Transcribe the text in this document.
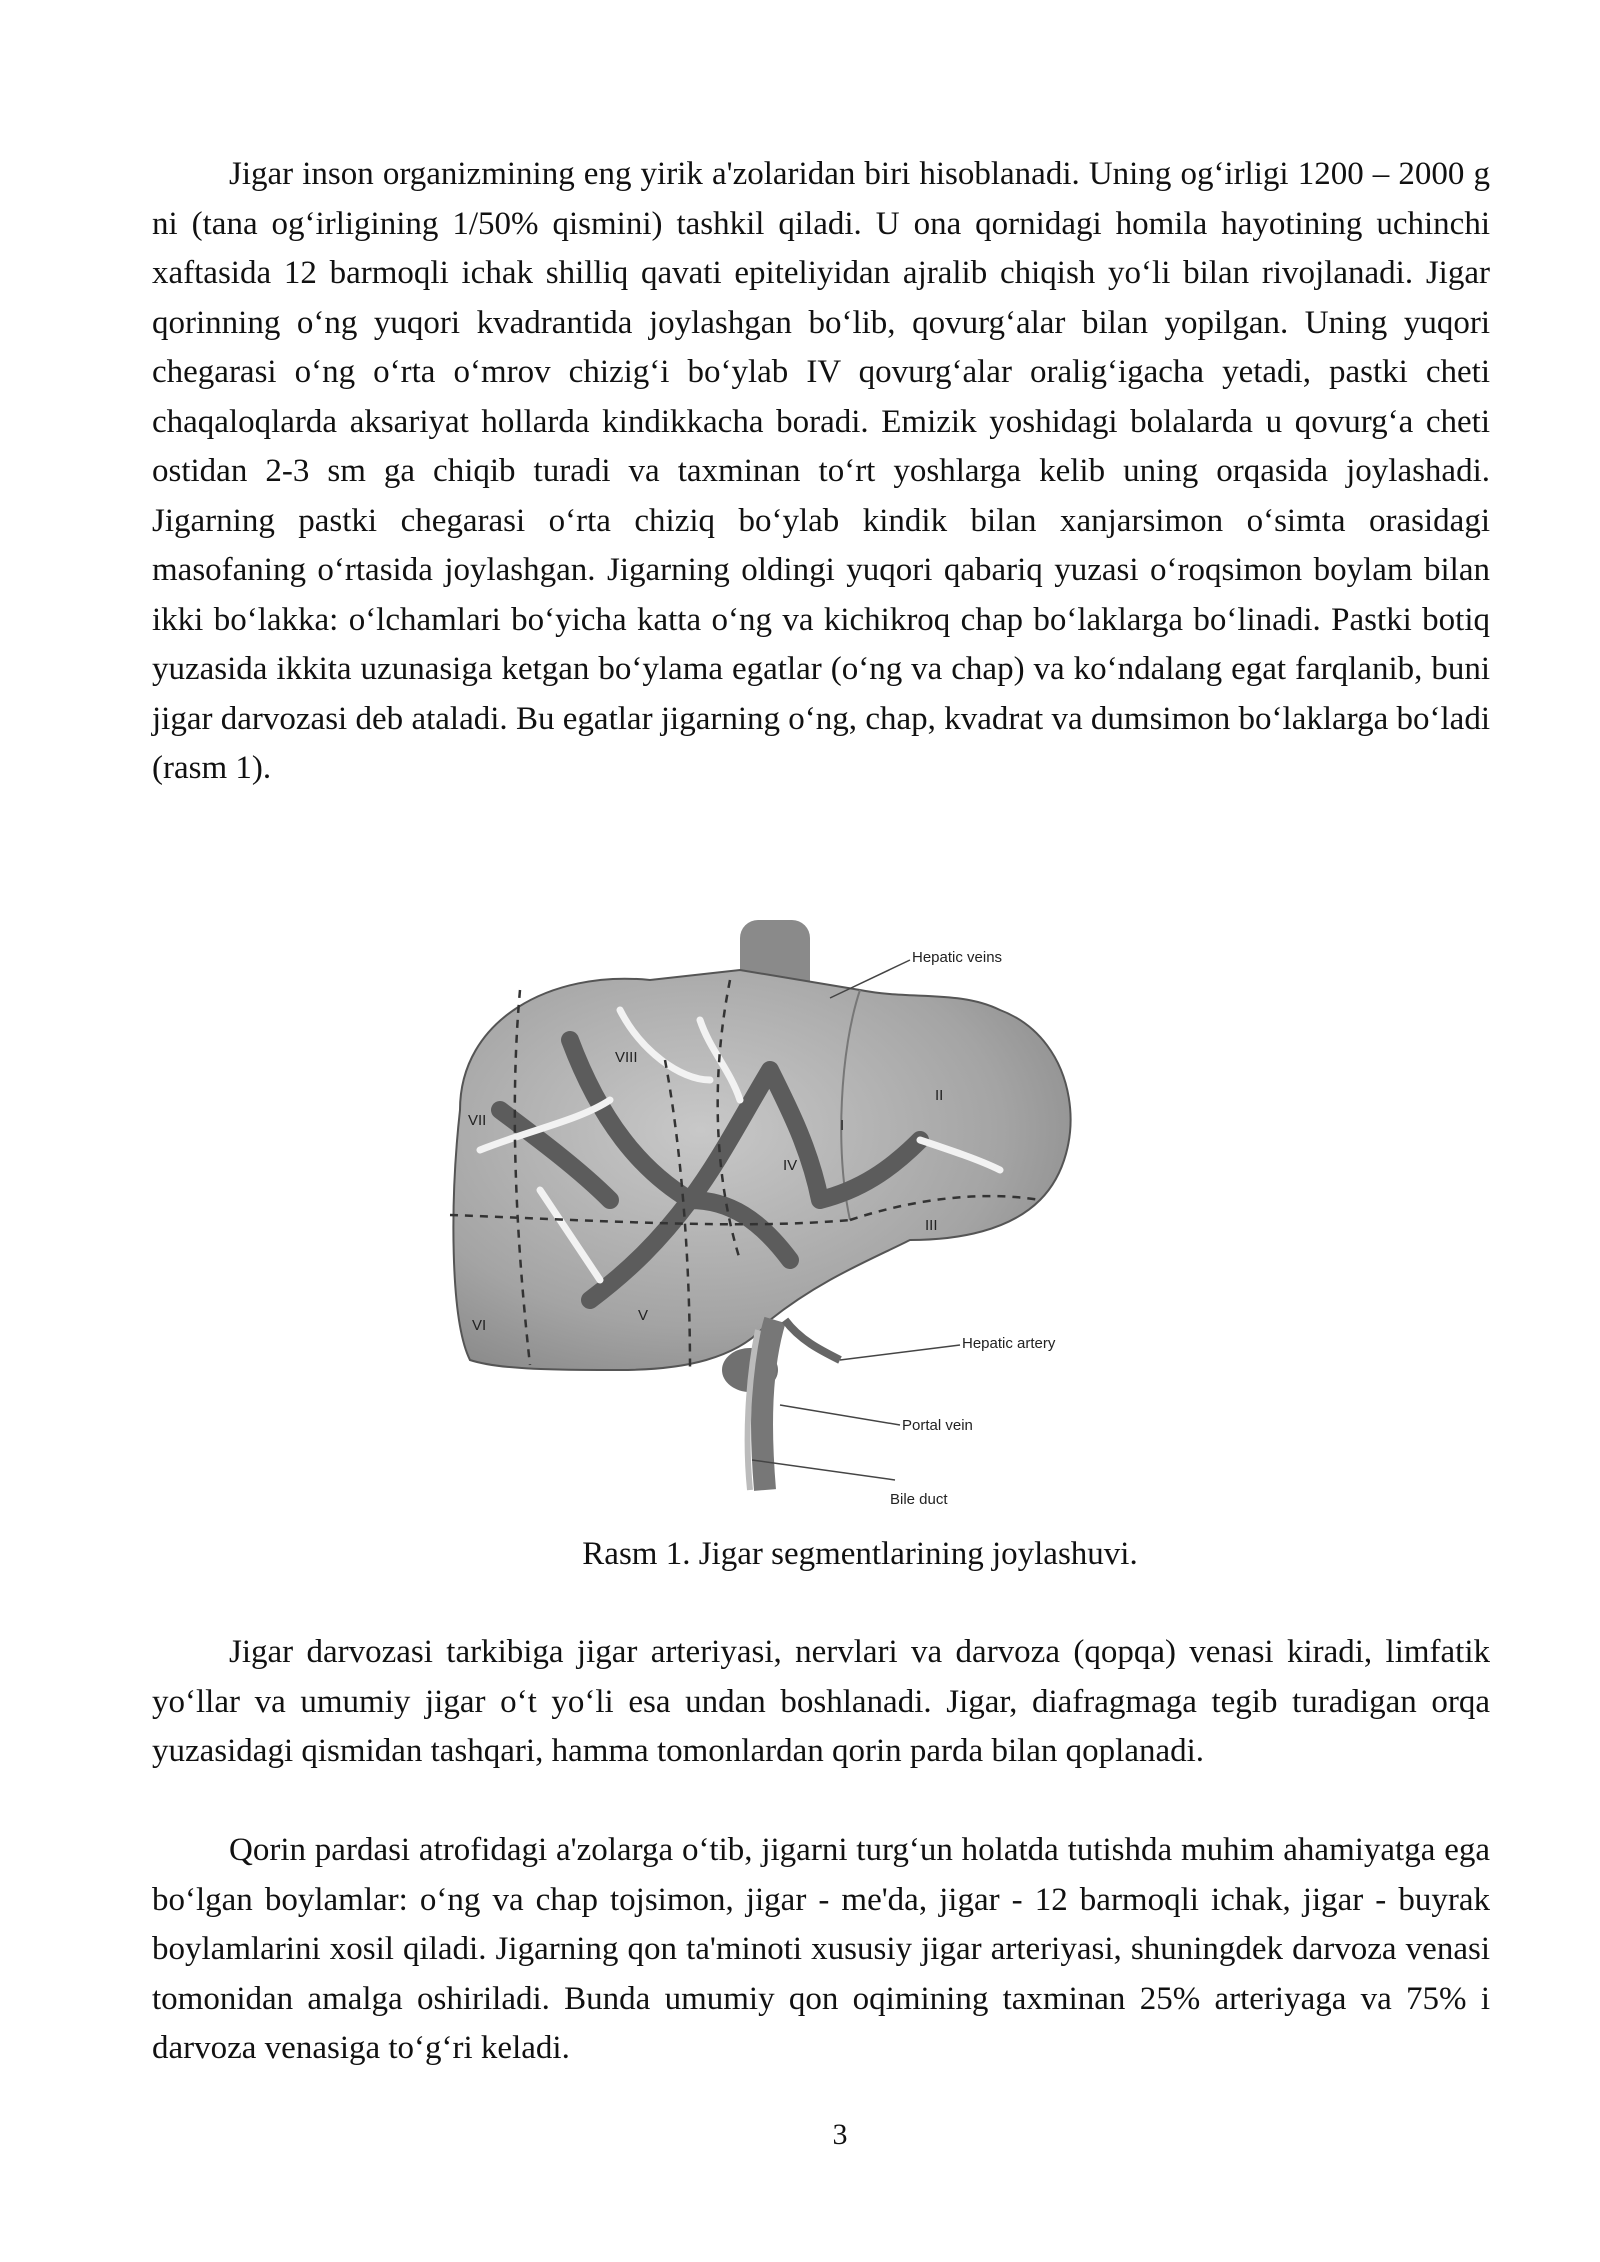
Jigar inson organizmining eng yirik a'zolaridan biri hisoblanadi. Uning og‘irligi 1200 – 2000 g ni (tana og‘irligining 1/50% qismini) tashkil qiladi. U ona qornidagi homila hayotining uchinchi xaftasida 12 barmoqli ichak shilliq qavati epiteliyidan ajralib chiqish yo‘li bilan rivojlanadi. Jigar qorinning o‘ng yuqori kvadrantida joylashgan bo‘lib, qovurg‘alar bilan yopilgan. Uning yuqori chegarasi o‘ng o‘rta o‘mrov chizig‘i bo‘ylab IV qovurg‘alar oralig‘igacha yetadi, pastki cheti chaqaloqlarda aksariyat hollarda kindikkacha boradi. Emizik yoshidagi bolalarda u qovurg‘a cheti ostidan 2-3 sm ga chiqib turadi va taxminan to‘rt yoshlarga kelib uning orqasida joylashadi. Jigarning pastki chegarasi o‘rta chiziq bo‘ylab kindik bilan xanjarsimon o‘simta orasidagi masofaning o‘rtasida joylashgan. Jigarning oldingi yuqori qabariq yuzasi o‘roqsimon boylam bilan ikki bo‘lakka: o‘lchamlari bo‘yicha katta o‘ng va kichikroq chap bo‘laklarga bo‘linadi. Pastki botiq yuzasida ikkita uzunasiga ketgan bo‘ylama egatlar (o‘ng va chap) va ko‘ndalang egat farqlanib, buni jigar darvozasi deb ataladi. Bu egatlar jigarning o‘ng, chap, kvadrat va dumsimon bo‘laklarga bo‘ladi (rasm 1).

I
II
III
IV
V
VI
VII
VIII
Hepatic veins
Hepatic artery
Portal vein
Bile duct
Rasm 1. Jigar segmentlarining joylashuvi.

Jigar darvozasi tarkibiga jigar arteriyasi, nervlari va darvoza (qopqa) venasi kiradi, limfatik yo‘llar va umumiy jigar o‘t yo‘li esa undan boshlanadi. Jigar, diafragmaga tegib turadigan orqa yuzasidagi qismidan tashqari, hamma tomonlardan qorin parda bilan qoplanadi.

Qorin pardasi atrofidagi a'zolarga o‘tib, jigarni turg‘un holatda tutishda muhim ahamiyatga ega bo‘lgan boylamlar: o‘ng va chap tojsimon, jigar - me'da, jigar - 12 barmoqli ichak, jigar - buyrak boylamlarini xosil qiladi. Jigarning qon ta'minoti xususiy jigar arteriyasi, shuningdek darvoza venasi tomonidan amalga oshiriladi. Bunda umumiy qon oqimining taxminan 25% arteriyaga va 75% i darvoza venasiga to‘g‘ri keladi.

3
